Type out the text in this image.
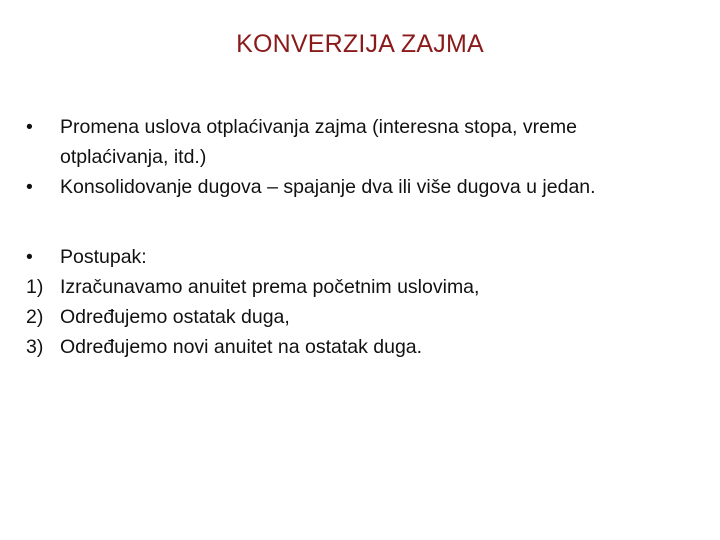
KONVERZIJA ZAJMA
•	Promena uslova otplaćivanja zajma (interesna stopa, vreme
otplaćivanja, itd.)
•	Konsolidovanje dugova – spajanje dva ili više dugova u jedan.
•	Postupak:
1) Izračunavamo anuitet prema početnim uslovima,
2) Određujemo ostatak duga,
3) Određujemo novi anuitet na ostatak duga.
